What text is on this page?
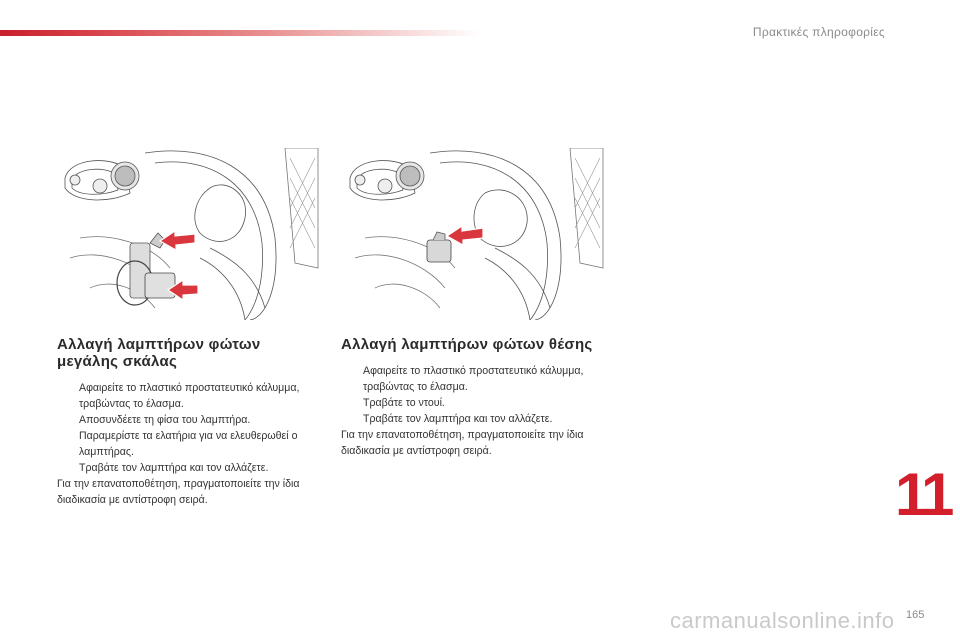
Πρακτικές πληροφορίες
Αλλαγή λαμπτήρων φώτων μεγάλης σκάλας
Αφαιρείτε το πλαστικό προστατευτικό κάλυμμα, τραβώντας το έλασμα.
Αποσυνδέετε τη φίσα του λαμπτήρα.
Παραμερίστε τα ελατήρια για να ελευθερωθεί ο λαμπτήρας.
Τραβάτε τον λαμπτήρα και τον αλλάζετε.

Για την επανατοποθέτηση, πραγματοποιείτε την ίδια διαδικασία με αντίστροφη σειρά.

Αλλαγή λαμπτήρων φώτων θέσης
Αφαιρείτε το πλαστικό προστατευτικό κάλυμμα, τραβώντας το έλασμα.
Τραβάτε το ντουί.
Τραβάτε τον λαμπτήρα και τον αλλάζετε.

Για την επανατοποθέτηση, πραγματοποιείτε την ίδια διαδικασία με αντίστροφη σειρά.

11
carmanualsonline.info 165
